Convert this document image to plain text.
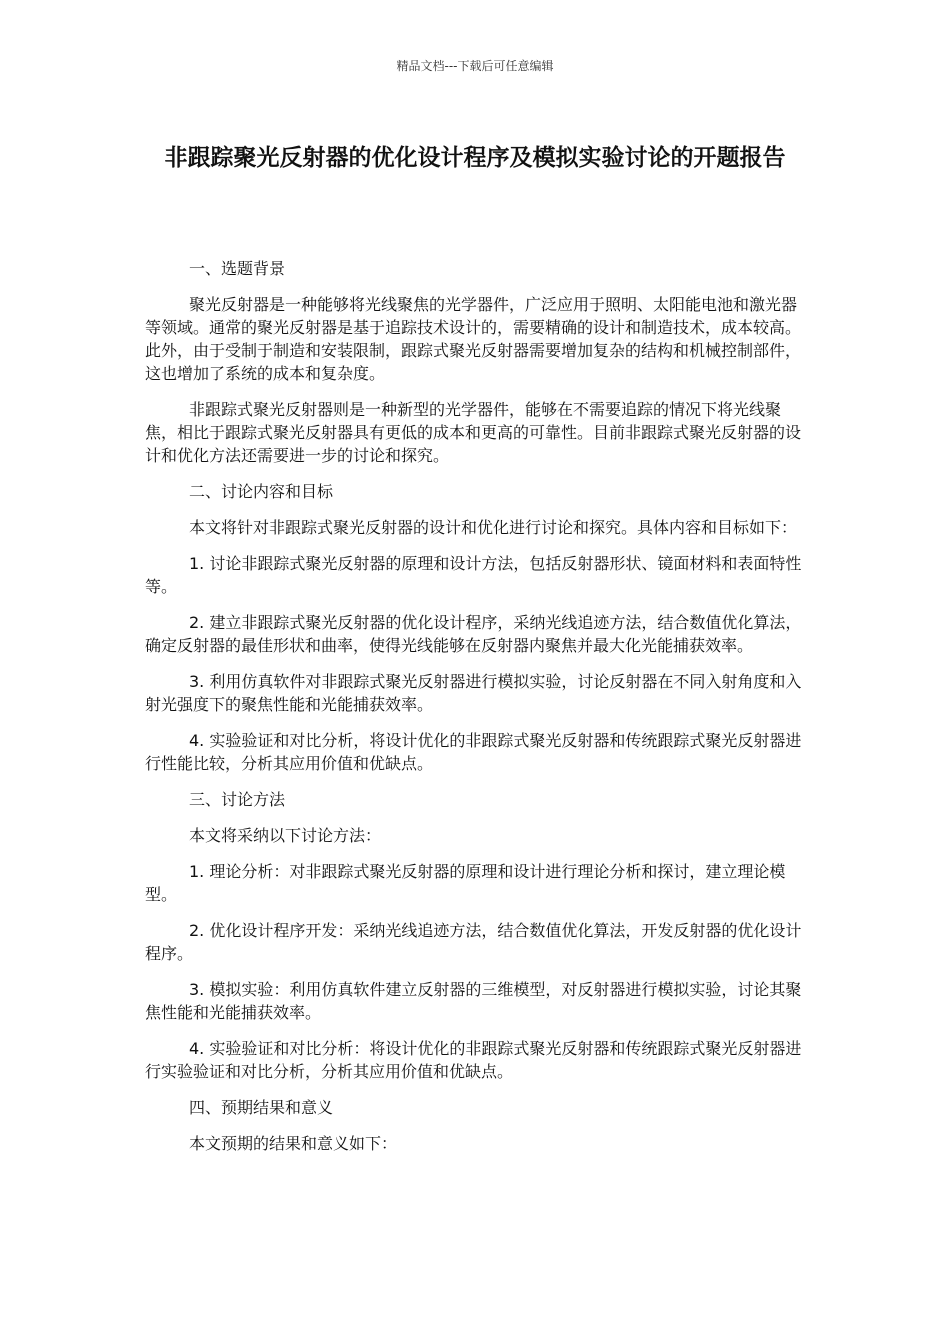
精品文档---下载后可任意编辑
非跟踪聚光反射器的优化设计程序及模拟实验讨论的开题报告

一、选题背景

聚光反射器是一种能够将光线聚焦的光学器件，广泛应用于照明、太阳能电池和激光器等领域。通常的聚光反射器是基于追踪技术设计的，需要精确的设计和制造技术，成本较高。此外，由于受制于制造和安装限制，跟踪式聚光反射器需要增加复杂的结构和机械控制部件，这也增加了系统的成本和复杂度。

非跟踪式聚光反射器则是一种新型的光学器件，能够在不需要追踪的情况下将光线聚焦，相比于跟踪式聚光反射器具有更低的成本和更高的可靠性。目前非跟踪式聚光反射器的设计和优化方法还需要进一步的讨论和探究。

二、讨论内容和目标

本文将针对非跟踪式聚光反射器的设计和优化进行讨论和探究。具体内容和目标如下：

1. 讨论非跟踪式聚光反射器的原理和设计方法，包括反射器形状、镜面材料和表面特性等。

2. 建立非跟踪式聚光反射器的优化设计程序，采纳光线追迹方法，结合数值优化算法，确定反射器的最佳形状和曲率，使得光线能够在反射器内聚焦并最大化光能捕获效率。

3. 利用仿真软件对非跟踪式聚光反射器进行模拟实验，讨论反射器在不同入射角度和入射光强度下的聚焦性能和光能捕获效率。

4. 实验验证和对比分析，将设计优化的非跟踪式聚光反射器和传统跟踪式聚光反射器进行性能比较，分析其应用价值和优缺点。

三、讨论方法

本文将采纳以下讨论方法：

1. 理论分析：对非跟踪式聚光反射器的原理和设计进行理论分析和探讨，建立理论模型。

2. 优化设计程序开发：采纳光线追迹方法，结合数值优化算法，开发反射器的优化设计程序。

3. 模拟实验：利用仿真软件建立反射器的三维模型，对反射器进行模拟实验，讨论其聚焦性能和光能捕获效率。

4. 实验验证和对比分析：将设计优化的非跟踪式聚光反射器和传统跟踪式聚光反射器进行实验验证和对比分析，分析其应用价值和优缺点。

四、预期结果和意义

本文预期的结果和意义如下：
